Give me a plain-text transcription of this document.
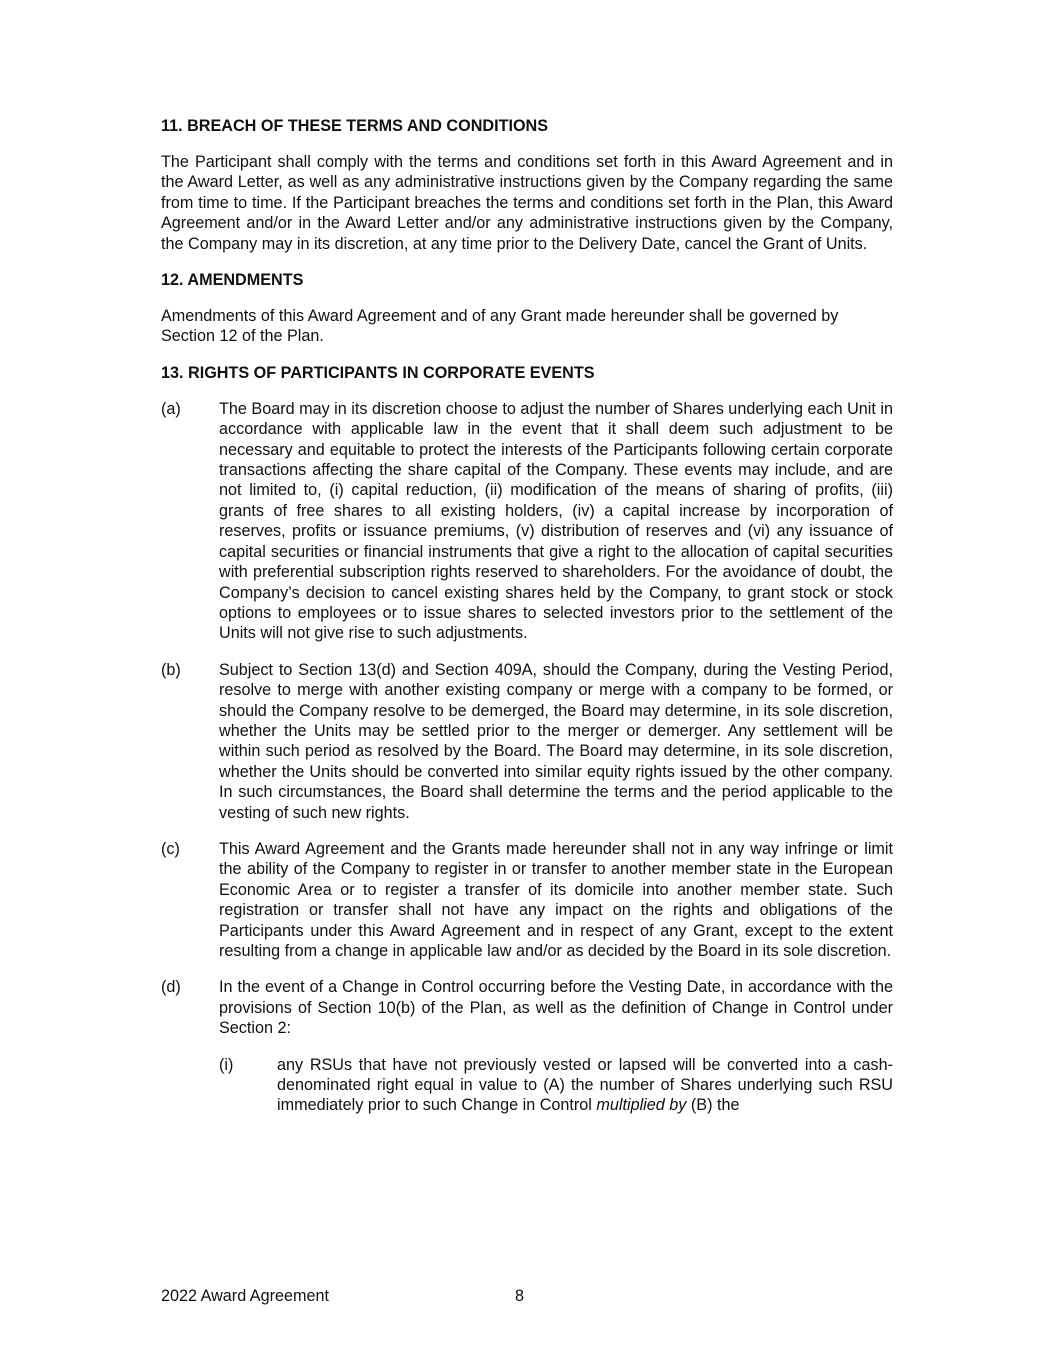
11. BREACH OF THESE TERMS AND CONDITIONS
The Participant shall comply with the terms and conditions set forth in this Award Agreement and in the Award Letter, as well as any administrative instructions given by the Company regarding the same from time to time. If the Participant breaches the terms and conditions set forth in the Plan, this Award Agreement and/or in the Award Letter and/or any administrative instructions given by the Company, the Company may in its discretion, at any time prior to the Delivery Date, cancel the Grant of Units.
12. AMENDMENTS
Amendments of this Award Agreement and of any Grant made hereunder shall be governed by Section 12 of the Plan.
13. RIGHTS OF PARTICIPANTS IN CORPORATE EVENTS
(a) The Board may in its discretion choose to adjust the number of Shares underlying each Unit in accordance with applicable law in the event that it shall deem such adjustment to be necessary and equitable to protect the interests of the Participants following certain corporate transactions affecting the share capital of the Company. These events may include, and are not limited to, (i) capital reduction, (ii) modification of the means of sharing of profits, (iii) grants of free shares to all existing holders, (iv) a capital increase by incorporation of reserves, profits or issuance premiums, (v) distribution of reserves and (vi) any issuance of capital securities or financial instruments that give a right to the allocation of capital securities with preferential subscription rights reserved to shareholders. For the avoidance of doubt, the Company’s decision to cancel existing shares held by the Company, to grant stock or stock options to employees or to issue shares to selected investors prior to the settlement of the Units will not give rise to such adjustments.
(b) Subject to Section 13(d) and Section 409A, should the Company, during the Vesting Period, resolve to merge with another existing company or merge with a company to be formed, or should the Company resolve to be demerged, the Board may determine, in its sole discretion, whether the Units may be settled prior to the merger or demerger. Any settlement will be within such period as resolved by the Board. The Board may determine, in its sole discretion, whether the Units should be converted into similar equity rights issued by the other company. In such circumstances, the Board shall determine the terms and the period applicable to the vesting of such new rights.
(c) This Award Agreement and the Grants made hereunder shall not in any way infringe or limit the ability of the Company to register in or transfer to another member state in the European Economic Area or to register a transfer of its domicile into another member state. Such registration or transfer shall not have any impact on the rights and obligations of the Participants under this Award Agreement and in respect of any Grant, except to the extent resulting from a change in applicable law and/or as decided by the Board in its sole discretion.
(d) In the event of a Change in Control occurring before the Vesting Date, in accordance with the provisions of Section 10(b) of the Plan, as well as the definition of Change in Control under Section 2:
(i)	any RSUs that have not previously vested or lapsed will be converted into a cash-denominated right equal in value to (A) the number of Shares underlying such RSU immediately prior to such Change in Control multiplied by (B) the
2022 Award Agreement	8
